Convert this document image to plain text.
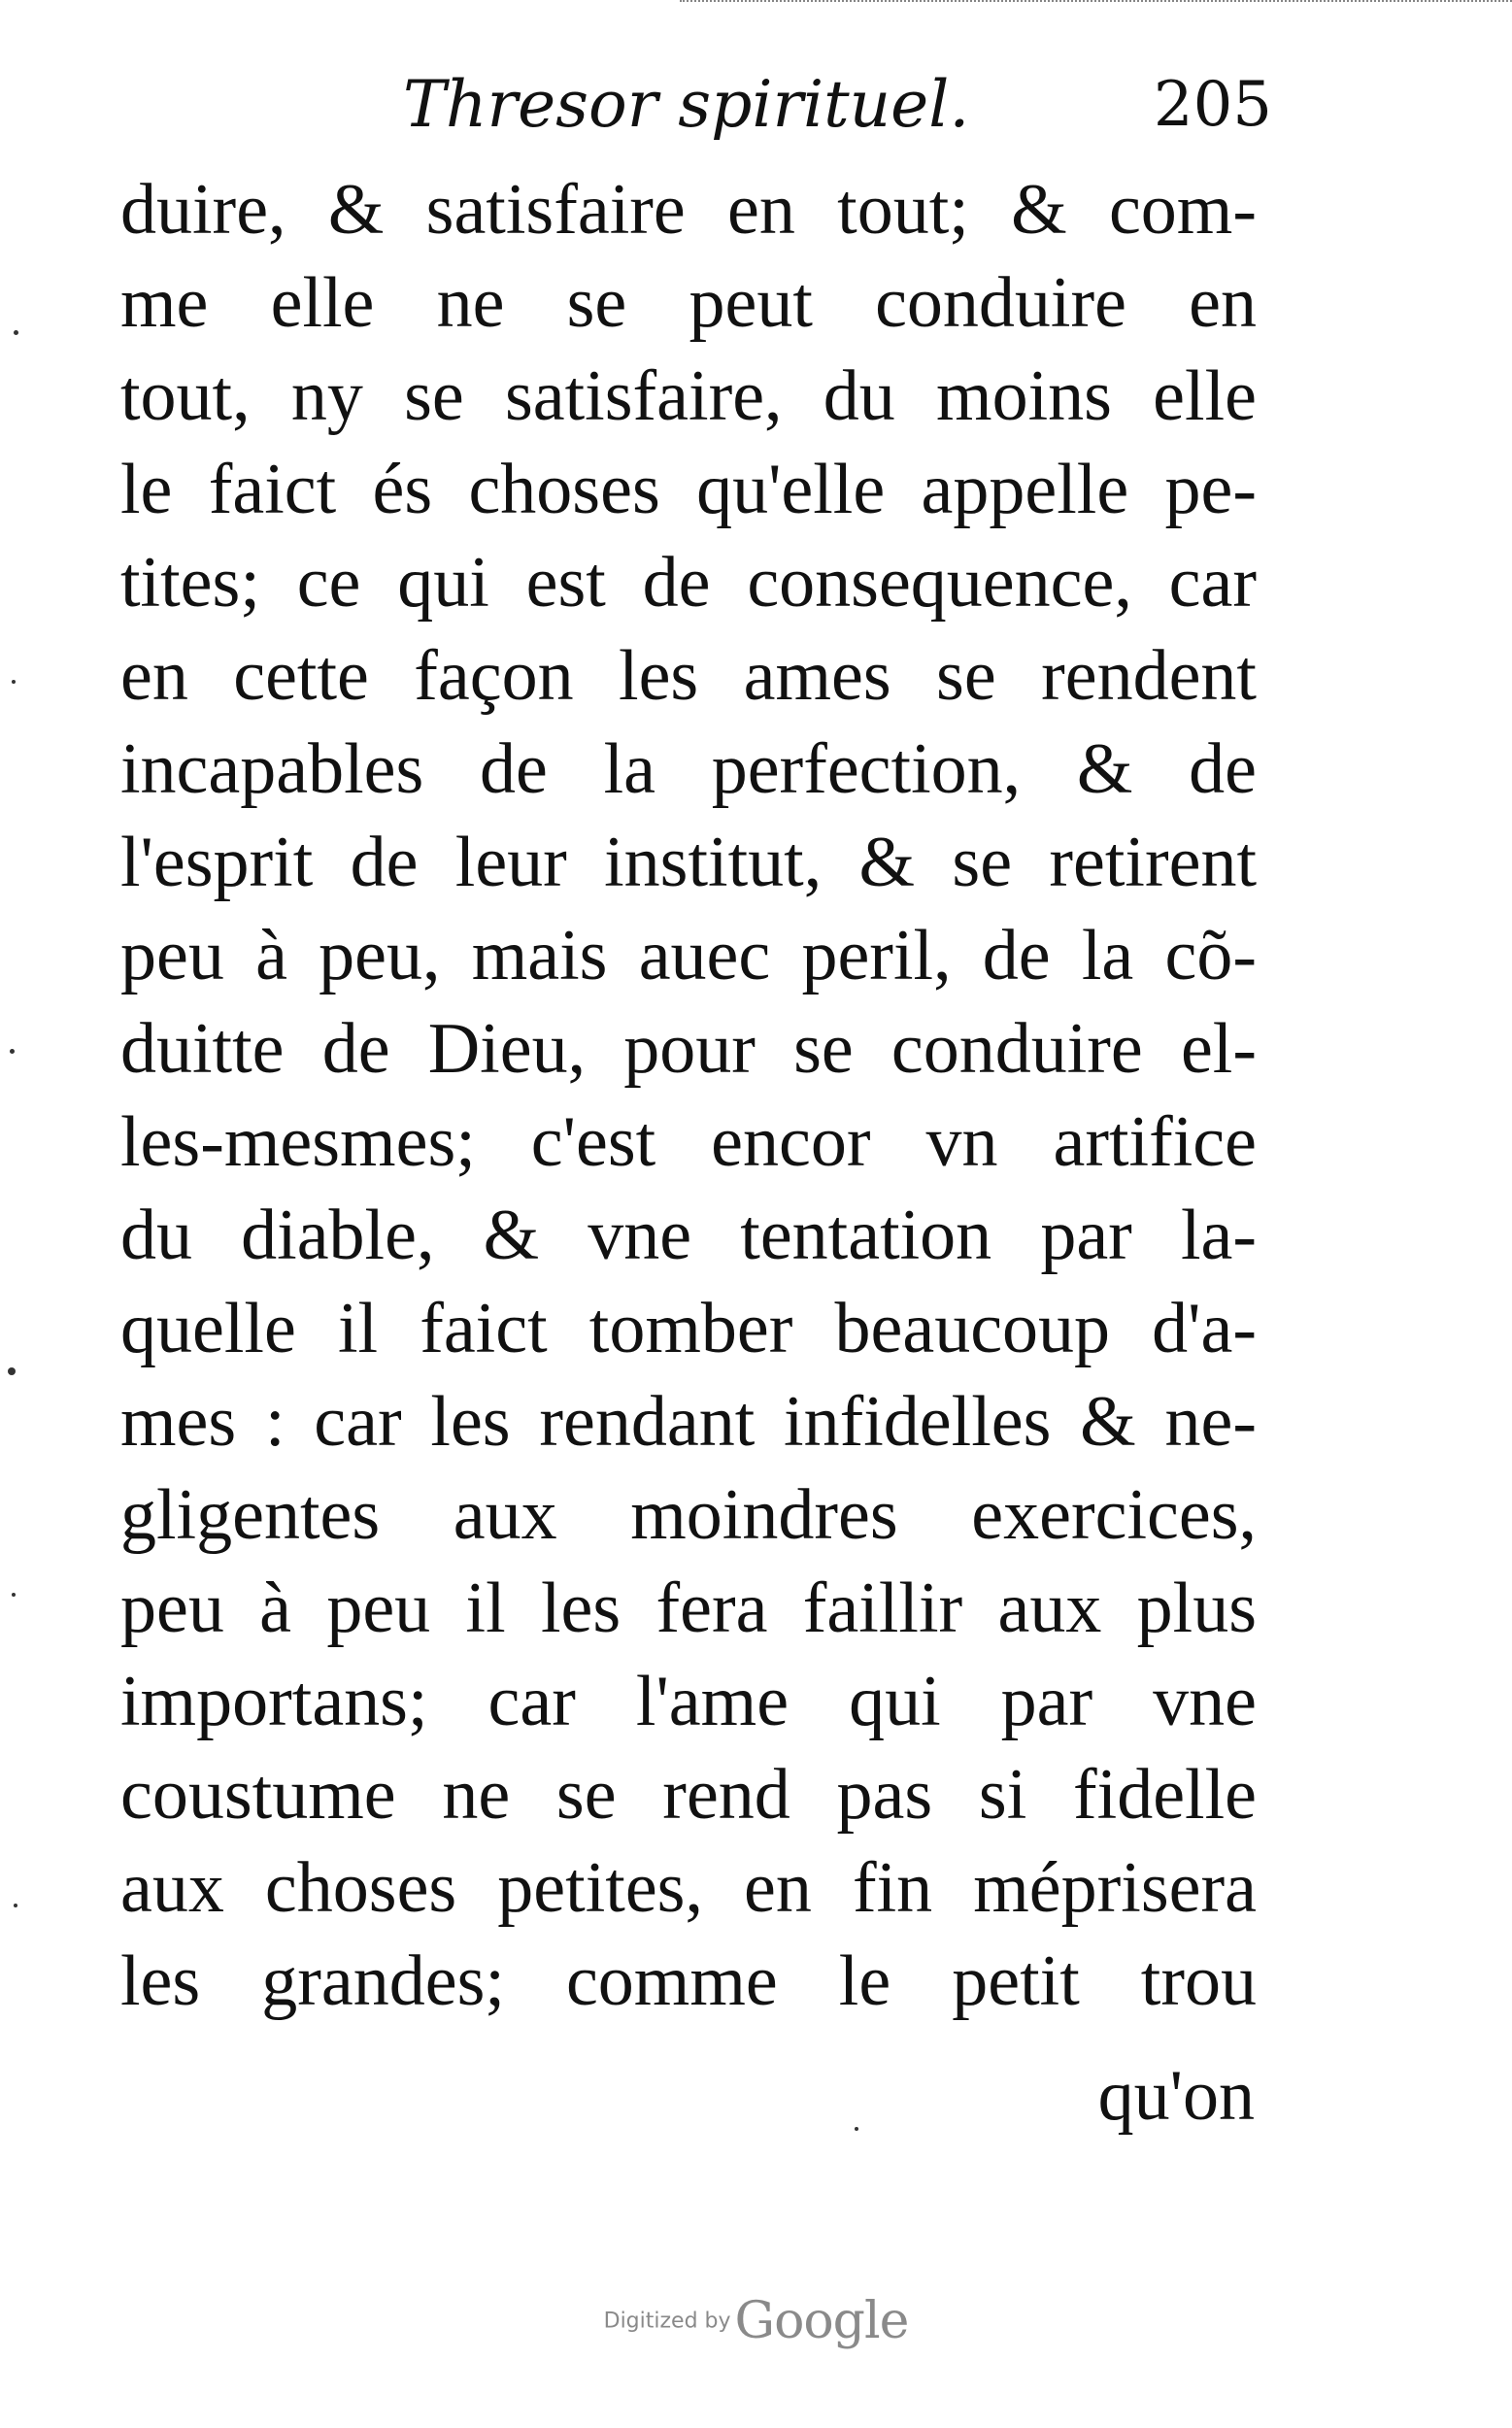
Thresor spirituel.	205
duire, & satisfaire en tout; & com-
me elle ne se peut conduire en
tout, ny se satisfaire, du moins elle
le faict és choses qu'elle appelle pe-
tites; ce qui est de consequence, car
en cette façon les ames se rendent
incapables de la perfection, & de
l'esprit de leur institut, & se retirent
peu à peu, mais auec peril, de la cõ-
duitte de Dieu, pour se conduire el-
les-mesmes; c'est encor vn artifice
du diable, & vne tentation par la-
quelle il faict tomber beaucoup d'a-
mes : car les rendant infidelles & ne-
gligentes aux moindres exercices,
peu à peu il les fera faillir aux plus
importans; car l'ame qui par vne
coustume ne se rend pas si fidelle
aux choses petites, en fin méprisera
les grandes; comme le petit trou
qu'on
Digitized by Google
